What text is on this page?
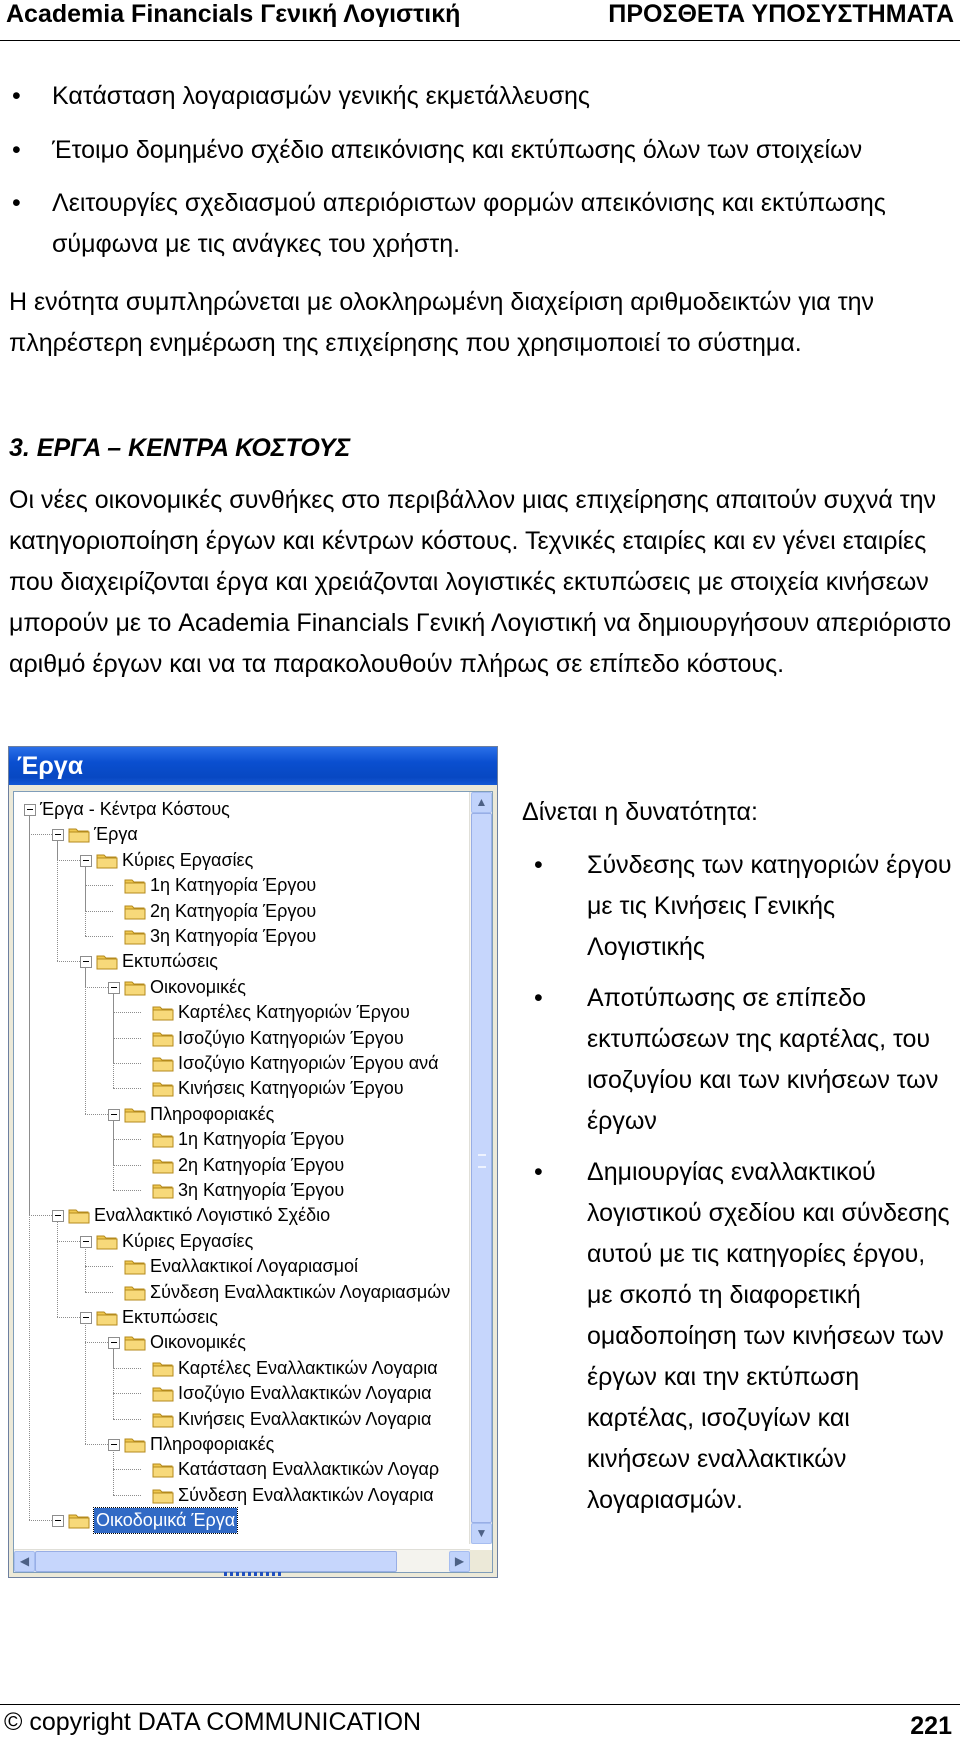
Academia Financials Γενική Λογιστική	ΠΡΟΣΘΕΤΑ ΥΠΟΣΥΣΤΗΜΑΤΑ
• Κατάσταση λογαριασμών γενικής εκμετάλλευσης
• Έτοιμο δομημένο σχέδιο απεικόνισης και εκτύπωσης όλων των στοιχείων
• Λειτουργίες σχεδιασμού απεριόριστων φορμών απεικόνισης και εκτύπωσης σύμφωνα με τις ανάγκες του χρήστη.
Η ενότητα συμπληρώνεται με ολοκληρωμένη διαχείριση αριθμοδεικτών για την πληρέστερη ενημέρωση της επιχείρησης που χρησιμοποιεί το σύστημα.
3. ΕΡΓΑ – ΚΕΝΤΡΑ ΚΟΣΤΟΥΣ
Οι νέες οικονομικές συνθήκες στο περιβάλλον μιας επιχείρησης απαιτούν συχνά την κατηγοριοποίηση έργων και κέντρων κόστους. Τεχνικές εταιρίες και εν γένει εταιρίες που διαχειρίζονται έργα και χρειάζονται λογιστικές εκτυπώσεις με στοιχεία κινήσεων μπορούν με το Academia Financials Γενική Λογιστική να δημιουργήσουν απεριόριστο αριθμό έργων και να τα παρακολουθούν πλήρως σε επίπεδο κόστους.
Έργα
Έργα - Κέντρα Κόστους
Έργα
Κύριες Εργασίες
1η Κατηγορία Έργου
2η Κατηγορία Έργου
3η Κατηγορία Έργου
Εκτυπώσεις
Οικονομικές
Καρτέλες Κατηγοριών Έργου
Ισοζύγιο Κατηγοριών Έργου
Ισοζύγιο Κατηγοριών Έργου ανά
Κινήσεις Κατηγοριών Έργου
Πληροφοριακές
1η Κατηγορία Έργου
2η Κατηγορία Έργου
3η Κατηγορία Έργου
Εναλλακτικό Λογιστικό Σχέδιο
Κύριες Εργασίες
Εναλλακτικοί Λογαριασμοί
Σύνδεση Εναλλακτικών Λογαριασμών
Εκτυπώσεις
Οικονομικές
Καρτέλες Εναλλακτικών Λογαρια
Ισοζύγιο Εναλλακτικών Λογαρια
Κινήσεις Εναλλακτικών Λογαρια
Πληροφοριακές
Κατάσταση Εναλλακτικών Λογαρ
Σύνδεση Εναλλακτικών Λογαρια
Οικοδομικά Έργα
▲
▼
◀	▶
Δίνεται η δυνατότητα:
• Σύνδεσης των κατηγοριών έργου με τις Κινήσεις Γενικής Λογιστικής
• Αποτύπωσης σε επίπεδο εκτυπώσεων της καρτέλας, του ισοζυγίου και των κινήσεων των έργων
• Δημιουργίας εναλλακτικού λογιστικού σχεδίου και σύνδεσης αυτού με τις κατηγορίες έργου, με σκοπό τη διαφορετική ομαδοποίηση των κινήσεων των έργων και την εκτύπωση καρτέλας, ισοζυγίων και κινήσεων εναλλακτικών λογαριασμών.
© copyright DATA COMMUNICATION	221
